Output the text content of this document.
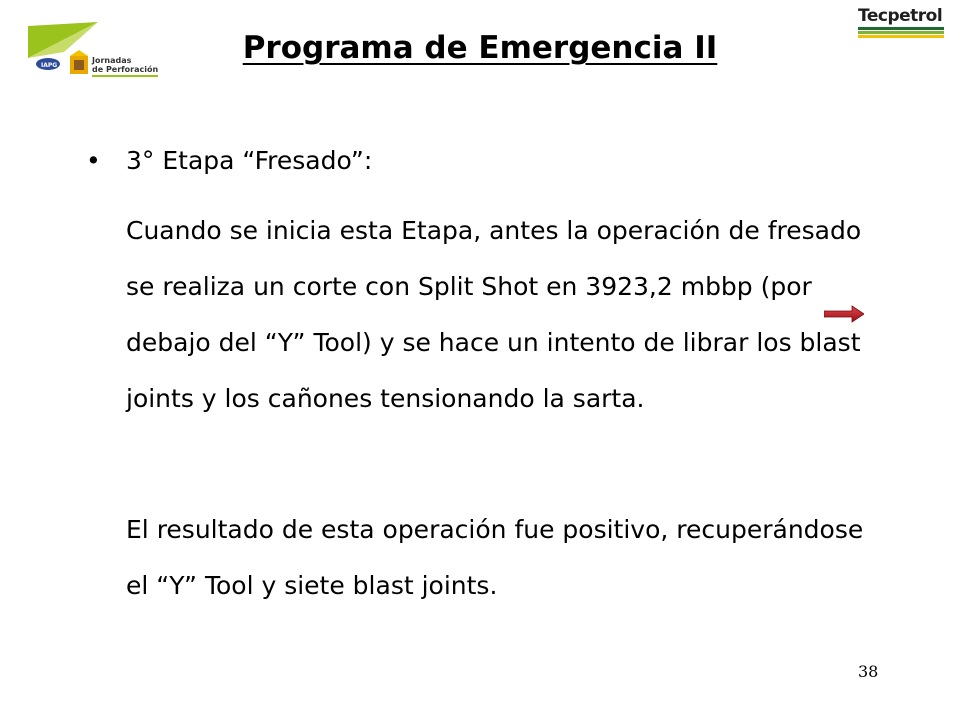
IAPG
Jornadas
de Perforación
Tecpetrol
Programa de Emergencia II
• 3° Etapa “Fresado”:

Cuando se inicia esta Etapa, antes la operación de fresado se realiza un corte con Split Shot en 3923,2 mbbp (por debajo del “Y” Tool) y se hace un intento de librar los blast joints y los cañones tensionando la sarta.

El resultado de esta operación fue positivo, recuperándose el “Y” Tool y siete blast joints.

38
